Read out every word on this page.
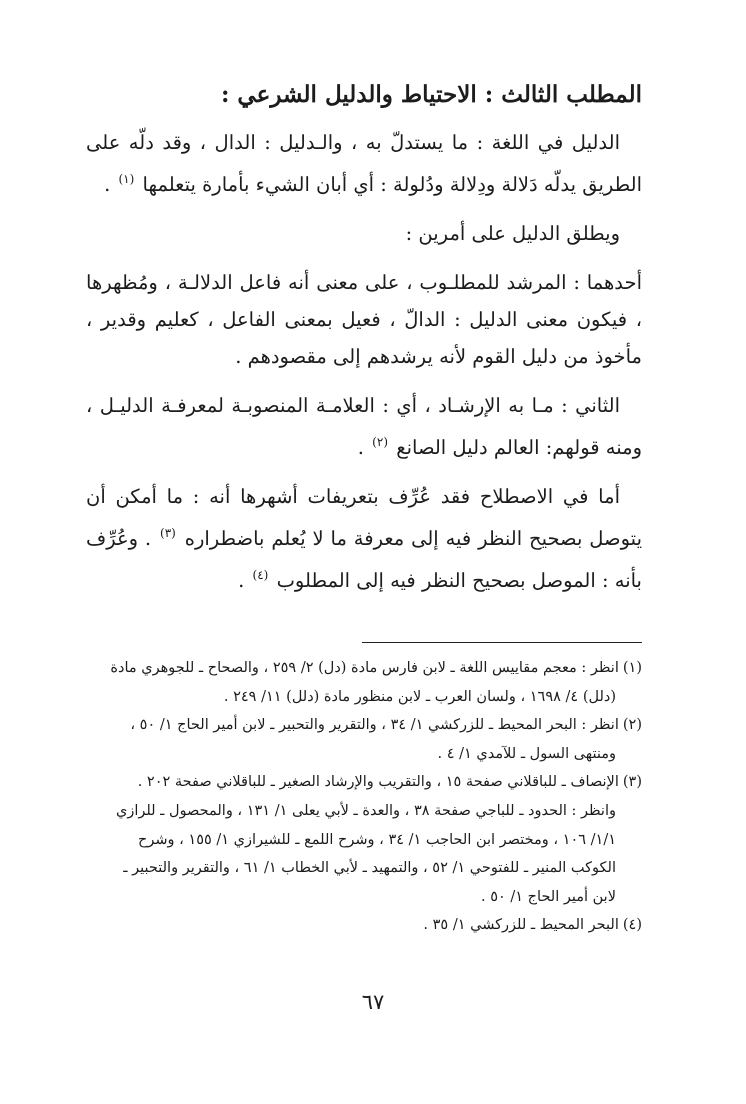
المطلب الثالث : الاحتياط والدليل الشرعي :

الدليل في اللغة : ما يستدلّ به ، والـدليل : الدال ، وقد دلّه على الطريق يدلّه دَلالة ودِلالة ودُلولة : أي أبان الشيء بأمارة يتعلمها $^{(١)}$ .

ويطلق الدليل على أمرين :

أحدهما : المرشد للمطلـوب ، على معنى أنه فاعل الدلالـة ، ومُظهرها ، فيكون معنى الدليل : الدالّ ، فعيل بمعنى الفاعل ، كعليم وقدير ، مأخوذ من دليل القوم لأنه يرشدهم إلى مقصودهم .

الثاني : مـا به الإرشـاد ، أي : العلامـة المنصوبـة لمعرفـة الدليـل ، ومنه قولهم: العالم دليل الصانع $^{(٢)}$ .

أما في الاصطلاح فقد عُرِّف بتعريفات أشهرها أنه : ما أمكن أن يتوصل بصحيح النظر فيه إلى معرفة ما لا يُعلم باضطراره $^{(٣)}$ . وعُرِّف بأنه : الموصل بصحيح النظر فيه إلى المطلوب $^{(٤)}$ .

(١)انظر : معجم مقاييس اللغة ـ لابن فارس مادة (دل) ٢/ ٢٥٩ ، والصحاح ـ للجوهري مادة
(دلل) ٤/ ١٦٩٨ ، ولسان العرب ـ لابن منظور مادة (دلل) ١١/ ٢٤٩ .
(٢)انظر : البحر المحيط ـ للزركشي ١/ ٣٤ ، والتقرير والتحبير ـ لابن أمير الحاج ١/ ٥٠ ،
ومنتهى السول ـ للآمدي ١/ ٤ .
(٣)الإنصاف ـ للباقلاني صفحة ١٥ ، والتقريب والإرشاد الصغير ـ للباقلاني صفحة ٢٠٢ .
وانظر : الحدود ـ للباجي صفحة ٣٨ ، والعدة ـ لأبي يعلى ١/ ١٣١ ، والمحصول ـ للرازي
١/١/ ١٠٦ ، ومختصر ابن الحاجب ١/ ٣٤ ، وشرح اللمع ـ للشيرازي ١/ ١٥٥ ، وشرح
الكوكب المنير ـ للفتوحي ١/ ٥٢ ، والتمهيد ـ لأبي الخطاب ١/ ٦١ ، والتقرير والتحبير ـ
لابن أمير الحاج ١/ ٥٠ .
(٤)البحر المحيط ـ للزركشي ١/ ٣٥ .
٦٧
